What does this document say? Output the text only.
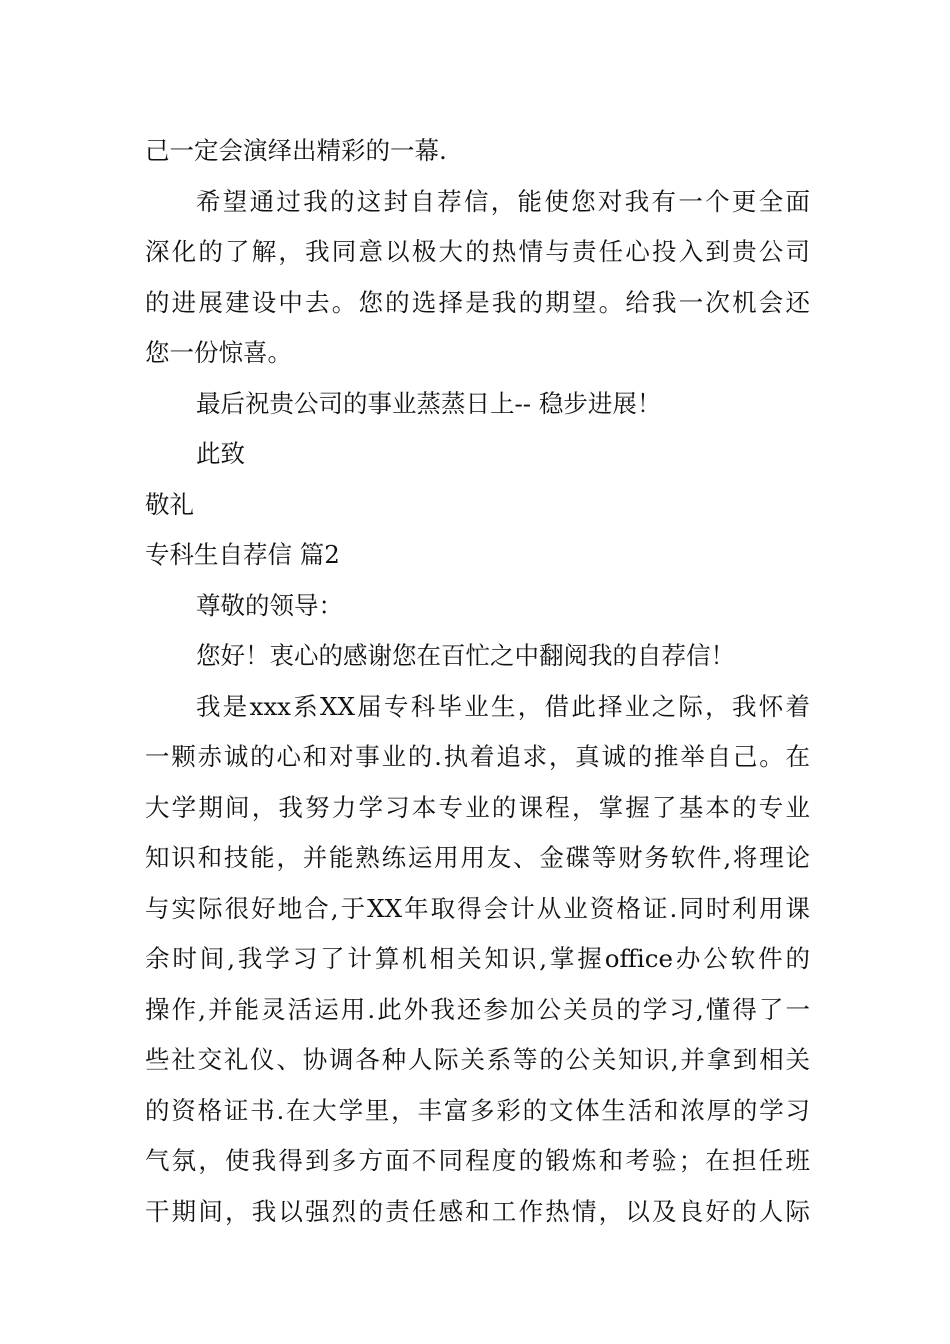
己一定会演绎出精彩的一幕.
希望通过我的这封自荐信，能使您对我有一个更全面
深化的了解，我同意以极大的热情与责任心投入到贵公司
的进展建设中去。您的选择是我的期望。给我一次机会还
您一份惊喜。
最后祝贵公司的事业蒸蒸日上-- 稳步进展！
此致
敬礼
专科生自荐信 篇2
尊敬的领导：
您好！衷心的感谢您在百忙之中翻阅我的自荐信！
我是xxx系XX届专科毕业生，借此择业之际，我怀着
一颗赤诚的心和对事业的.执着追求，真诚的推举自己。在
大学期间，我努力学习本专业的课程，掌握了基本的专业
知识和技能，并能熟练运用用友、金碟等财务软件,将理论
与实际很好地合,于XX年取得会计从业资格证.同时利用课
余时间,我学习了计算机相关知识,掌握office办公软件的
操作,并能灵活运用.此外我还参加公关员的学习,懂得了一
些社交礼仪、协调各种人际关系等的公关知识,并拿到相关
的资格证书.在大学里，丰富多彩的文体生活和浓厚的学习
气氛，使我得到多方面不同程度的锻炼和考验；在担任班
干期间，我以强烈的责任感和工作热情，以及良好的人际
